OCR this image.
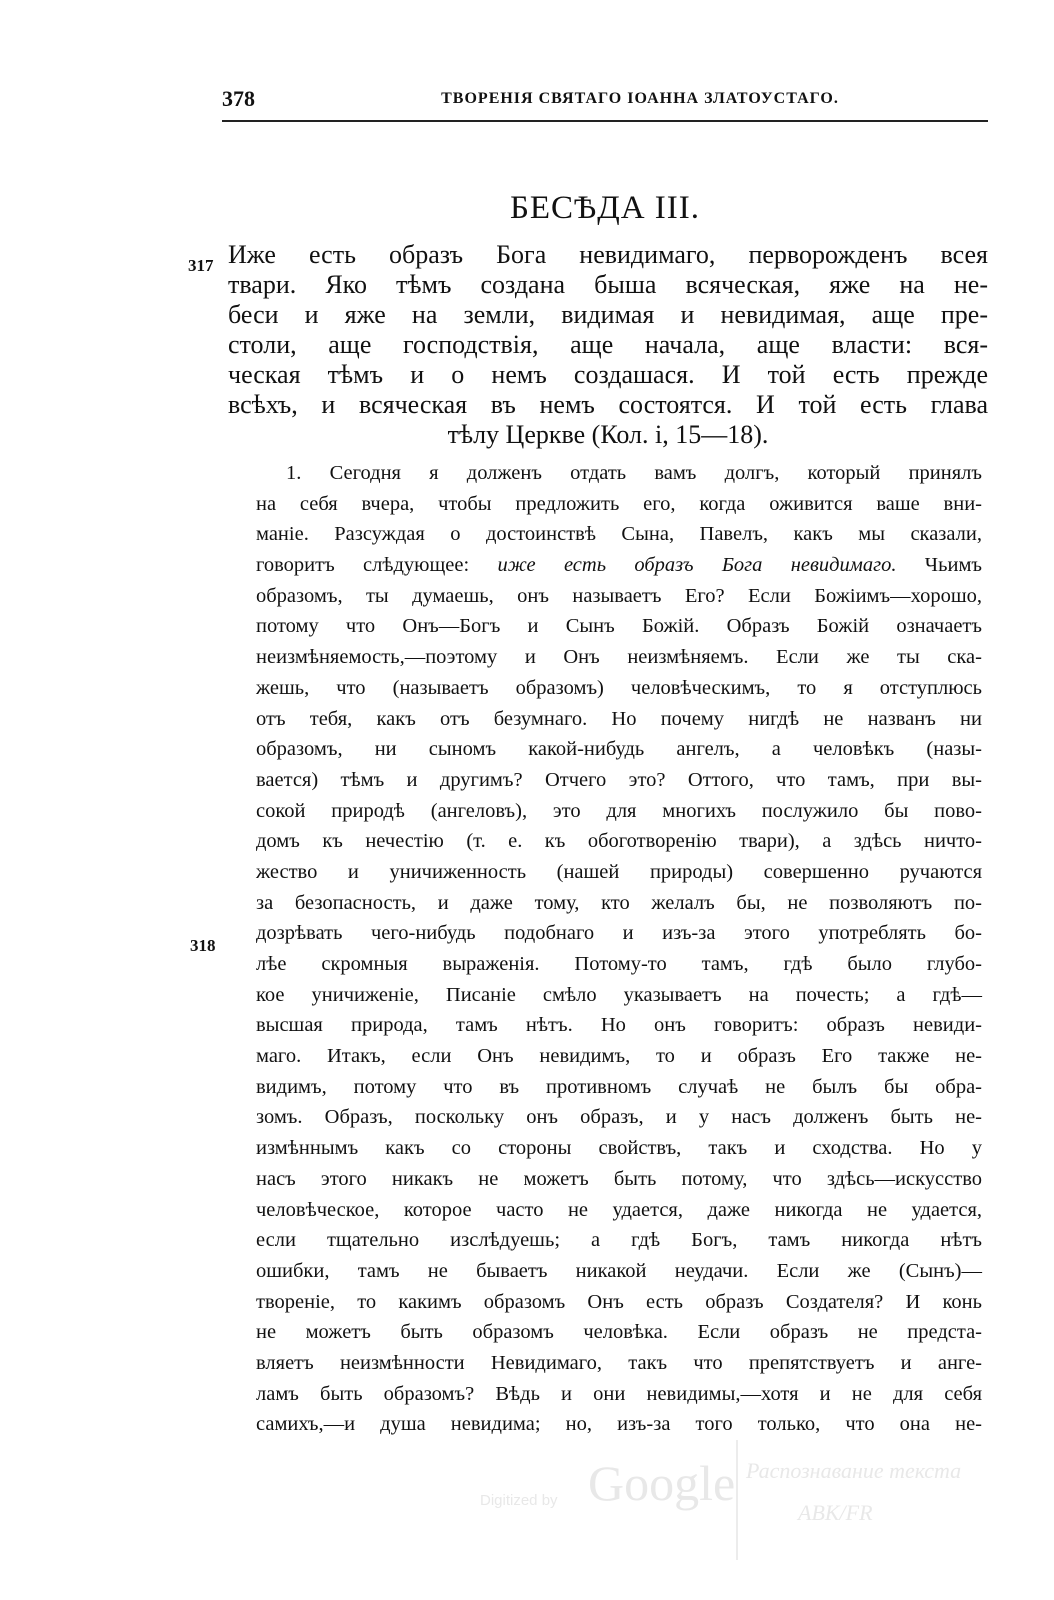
378	ТВОРЕНІЯ СВЯТАГО ІОАННА ЗЛАТОУСТАГО.
БЕСѢДА III.
317
318
Иже есть образъ Бога невидимаго, перворожденъ всея
твари. Яко тѣмъ создана быша всяческая, яже на не-
беси и яже на земли, видимая и невидимая, аще пре-
столи, аще господствія, аще начала, аще власти: вся-
ческая тѣмъ и о немъ создашася. И той есть прежде
всѣхъ, и всяческая въ немъ состоятся. И той есть глава
тѣлу Церкве (Кол. і, 15—18).
1. Сегодня я долженъ отдать вамъ долгъ, который принялъ
на себя вчера, чтобы предложить его, когда оживится ваше вни-
маніе. Разсуждая о достоинствѣ Сына, Павелъ, какъ мы сказали,
говоритъ слѣдующее: иже есть образъ Бога невидимаго. Чьимъ
образомъ, ты думаешь, онъ называетъ Его? Если Божіимъ—хорошо,
потому что Онъ—Богъ и Сынъ Божій. Образъ Божій означаетъ
неизмѣняемость,—поэтому и Онъ неизмѣняемъ. Если же ты ска-
жешь, что (называетъ образомъ) человѣческимъ, то я отступлюсь
отъ тебя, какъ отъ безумнаго. Но почему нигдѣ не названъ ни
образомъ, ни сыномъ какой-нибудь ангелъ, а человѣкъ (назы-
вается) тѣмъ и другимъ? Отчего это? Оттого, что тамъ, при вы-
сокой природѣ (ангеловъ), это для многихъ послужило бы пово-
домъ къ нечестію (т. е. къ обоготворенію твари), а здѣсь ничто-
жество и уничиженность (нашей природы) совершенно ручаются
за безопасность, и даже тому, кто желалъ бы, не позволяютъ по-
дозрѣвать чего-нибудь подобнаго и изъ-за этого употреблять бо-
лѣе скромныя выраженія. Потому-то тамъ, гдѣ было глубо-
кое уничиженіе, Писаніе смѣло указываетъ на почесть; а гдѣ—
высшая природа, тамъ нѣтъ. Но онъ говоритъ: образъ невиди-
маго. Итакъ, если Онъ невидимъ, то и образъ Его также не-
видимъ, потому что въ противномъ случаѣ не былъ бы обра-
зомъ. Образъ, поскольку онъ образъ, и у насъ долженъ быть не-
измѣннымъ какъ со стороны свойствъ, такъ и сходства. Но у
насъ этого никакъ не можетъ быть потому, что здѣсь—искусство
человѣческое, которое часто не удается, даже никогда не удается,
если тщательно изслѣдуешь; а гдѣ Богъ, тамъ никогда нѣтъ
ошибки, тамъ не бываетъ никакой неудачи. Если же (Сынъ)—
твореніе, то какимъ образомъ Онъ есть образъ Создателя? И конь
не можетъ быть образомъ человѣка. Если образъ не предста-
вляетъ неизмѣнности Невидимаго, такъ что препятствуетъ и анге-
ламъ быть образомъ? Вѣдь и они невидимы,—хотя и не для себя
самихъ,—и душа невидима; но, изъ-за того только, что она не-
Digitized by Google Распознавание текста
ABK/FR
